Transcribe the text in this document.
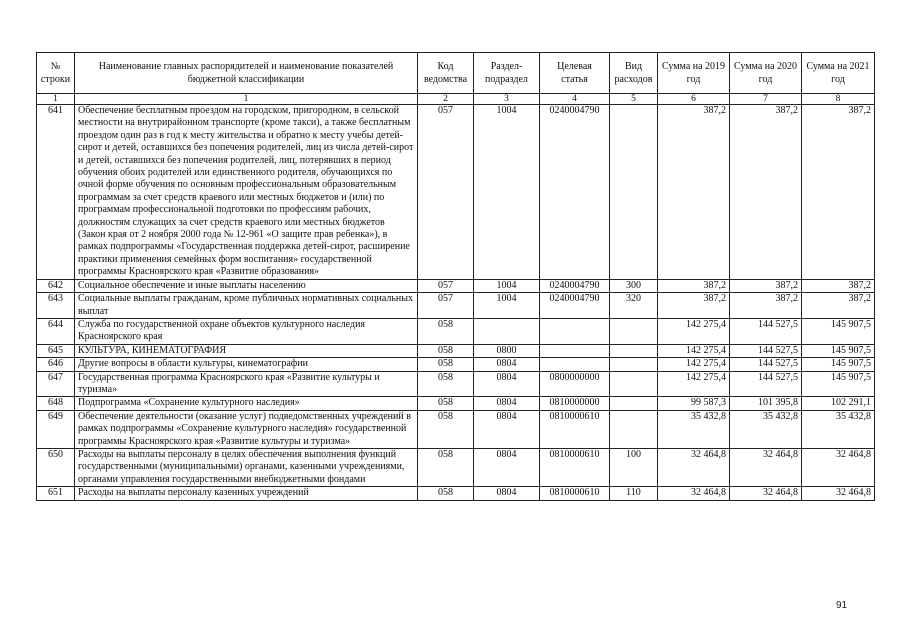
№ строки	Наименование главных распорядителей и наименование показателей бюджетной классификации	Код ведомства	Раздел-подраздел	Целевая статья	Вид расходов	Сумма на 2019 год	Сумма на 2020 год	Сумма на 2021 год
1	1	2	3	4	5	6	7	8
641	Обеспечение бесплатным проездом на городском, пригородном, в сельской местности на внутрирайонном транспорте (кроме такси), а также бесплатным проездом один раз в год к месту жительства и обратно к месту учебы детей-сирот и детей, оставшихся без попечения родителей, лиц из числа детей-сирот и детей, оставшихся без попечения родителей, лиц, потерявших в период обучения обоих родителей или единственного родителя, обучающихся по очной форме обучения по основным профессиональным образовательным программам за счет средств краевого или местных бюджетов и (или) по программам профессиональной подготовки по профессиям рабочих, должностям служащих за счет средств краевого или местных бюджетов (Закон края от 2 ноября 2000 года № 12-961 «О защите прав ребенка»), в рамках подпрограммы «Государственная поддержка детей-сирот, расширение практики применения семейных форм воспитания» государственной программы Красноярского края «Развитие образования»	057	1004	0240004790		387,2	387,2	387,2
642	Социальное обеспечение и иные выплаты населению	057	1004	0240004790	300	387,2	387,2	387,2
643	Социальные выплаты гражданам, кроме публичных нормативных социальных выплат	057	1004	0240004790	320	387,2	387,2	387,2
644	Служба по государственной охране объектов культурного наследия Красноярского края	058				142 275,4	144 527,5	145 907,5
645	КУЛЬТУРА, КИНЕМАТОГРАФИЯ	058	0800			142 275,4	144 527,5	145 907,5
646	Другие вопросы в области культуры, кинематографии	058	0804			142 275,4	144 527,5	145 907,5
647	Государственная программа Красноярского края «Развитие культуры и туризма»	058	0804	0800000000		142 275,4	144 527,5	145 907,5
648	Подпрограмма «Сохранение культурного наследия»	058	0804	0810000000		99 587,3	101 395,8	102 291,1
649	Обеспечение деятельности (оказание услуг) подведомственных учреждений в рамках подпрограммы «Сохранение культурного наследия» государственной программы Красноярского края «Развитие культуры и туризма»	058	0804	0810000610		35 432,8	35 432,8	35 432,8
650	Расходы на выплаты персоналу в целях обеспечения выполнения функций государственными (муниципальными) органами, казенными учреждениями, органами управления государственными внебюджетными фондами	058	0804	0810000610	100	32 464,8	32 464,8	32 464,8
651	Расходы на выплаты персоналу казенных учреждений	058	0804	0810000610	110	32 464,8	32 464,8	32 464,8
91
